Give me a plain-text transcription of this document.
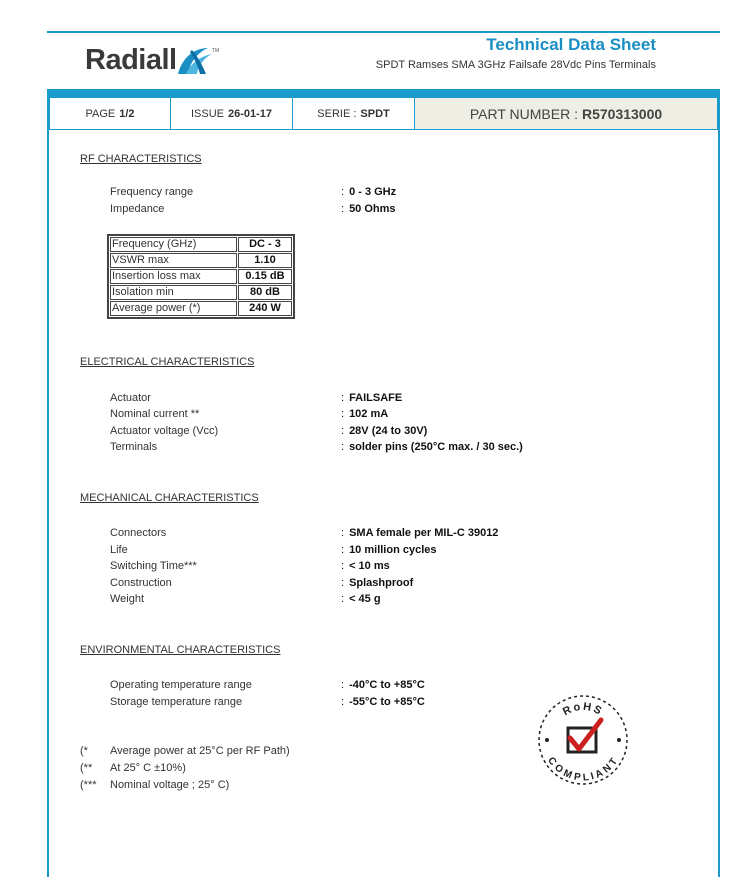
Radiall	TM	Technical Data Sheet
SPDT Ramses SMA 3GHz Failsafe 28Vdc Pins Terminals
PAGE 1/2	ISSUE 26-01-17	SERIE : SPDT	PART NUMBER : R570313000
RF CHARACTERISTICS
Frequency range	: 0 - 3 GHz
Impedance	: 50 Ohms
Frequency (GHz)	DC - 3
VSWR max	1.10
Insertion loss max	0.15 dB
Isolation min	80 dB
Average power (*)	240 W
ELECTRICAL CHARACTERISTICS
Actuator	: FAILSAFE
Nominal current **	: 102 mA
Actuator voltage (Vcc)	: 28V (24 to 30V)
Terminals	: solder pins (250°C max. / 30 sec.)
MECHANICAL CHARACTERISTICS
Connectors	: SMA female per MIL-C 39012
Life	: 10 million cycles
Switching Time***	: < 10 ms
Construction	: Splashproof
Weight	: < 45 g
ENVIRONMENTAL CHARACTERISTICS
Operating temperature range	: -40°C to +85°C
Storage temperature range	: -55°C to +85°C
(* Average power at 25°C per RF Path)
(** At 25° C ±10%)
(*** Nominal voltage ; 25° C)
RoHS
COMPLIANT
